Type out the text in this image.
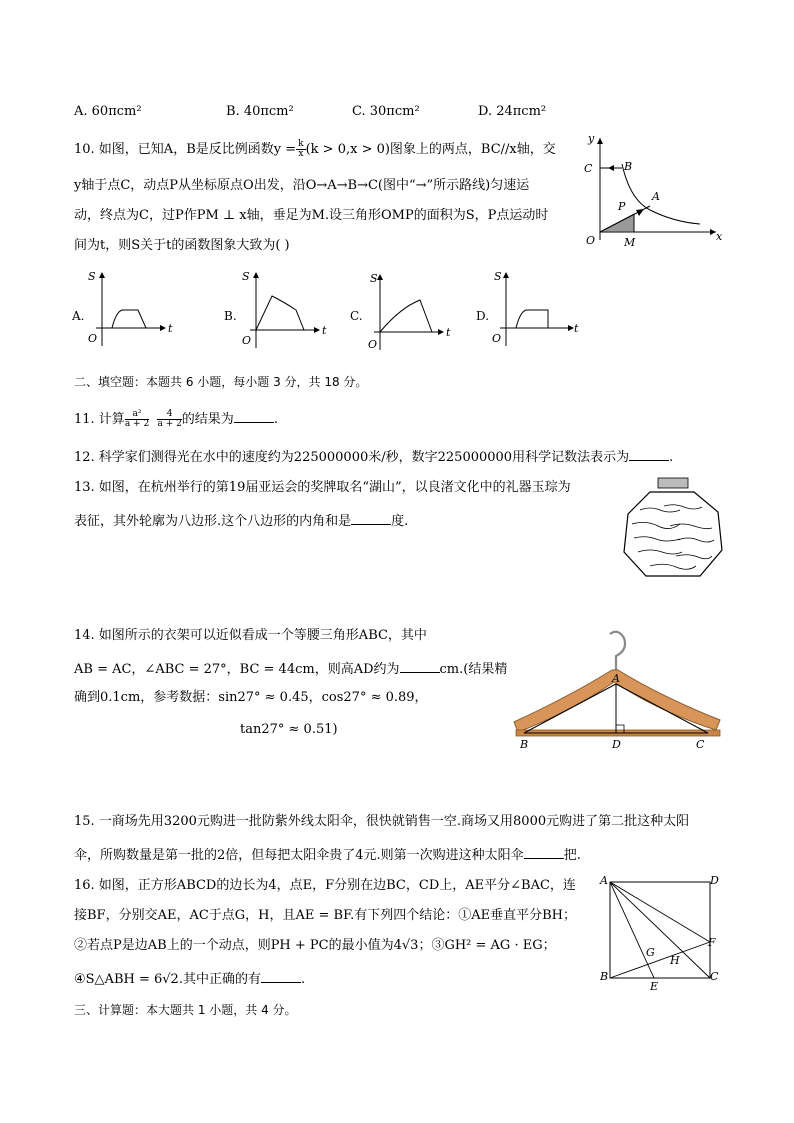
A. 60πcm²	B. 40πcm²	C. 30πcm²	D. 24πcm²
10. 如图，已知A，B是反比例函数$y = \frac{k}{x} (k > 0,x > 0)$图象上的两点，BC//x轴，交
y轴于点C，动点P从坐标原点O出发，沿O→A→B→C(图中“→”所示路线)匀速运
动，终点为C，过P作PM ⊥ x轴，垂足为M.设三角形OMP的面积为S，P点运动时
间为t，则S关于t的函数图象大致为( )
y
x
C	B
A
P
O	M
A.
S
t
O
B.
S
t
O
C.
S
t
O
D.
S
t
O
二、填空题：本题共 6 小题，每小题 3 分，共 18 分。
11. 计算 $\frac{\text{a²}}{a + 2}$
$\frac{4}{a + 2}$ 的结果为	.
12. 科学家们测得光在水中的速度约为225000000米/秒，数字225000000用科学记数法表示为	.
13. 如图，在杭州举行的第19届亚运会的奖牌取名“湖山”，以良渚文化中的礼器玉琮为
表征，其外轮廓为八边形.这个八边形的内角和是	度.
14. 如图所示的衣架可以近似看成一个等腰三角形ABC，其中
AB = AC，∠ABC = 27°，BC = 44cm，则高AD约为	cm.(结果精
确到0.1cm，参考数据：sin27° ≈ 0.45，cos27° ≈ 0.89，
tan27° ≈ 0.51)
A
B	D	C
15. 一商场先用3200元购进一批防紫外线太阳伞，很快就销售一空.商场又用8000元购进了第二批这种太阳
伞，所购数量是第一批的2倍，但每把太阳伞贵了4元.则第一次购进这种太阳伞	把.
16. 如图，正方形ABCD的边长为4，点E，F分别在边BC，CD上，AE平分∠BAC，连
接BF，分别交AE，AC于点G，H，且AE = BF.有下列四个结论：①AE垂直平分BH；
②若点P是边AB上的一个动点，则PH + PC的最小值为4√3；③GH² = AG · EG；
④S△ABH = 6√2.其中正确的有	.
A	D
B	C
E
F
G
H
三、计算题：本大题共 1 小题，共 4 分。
